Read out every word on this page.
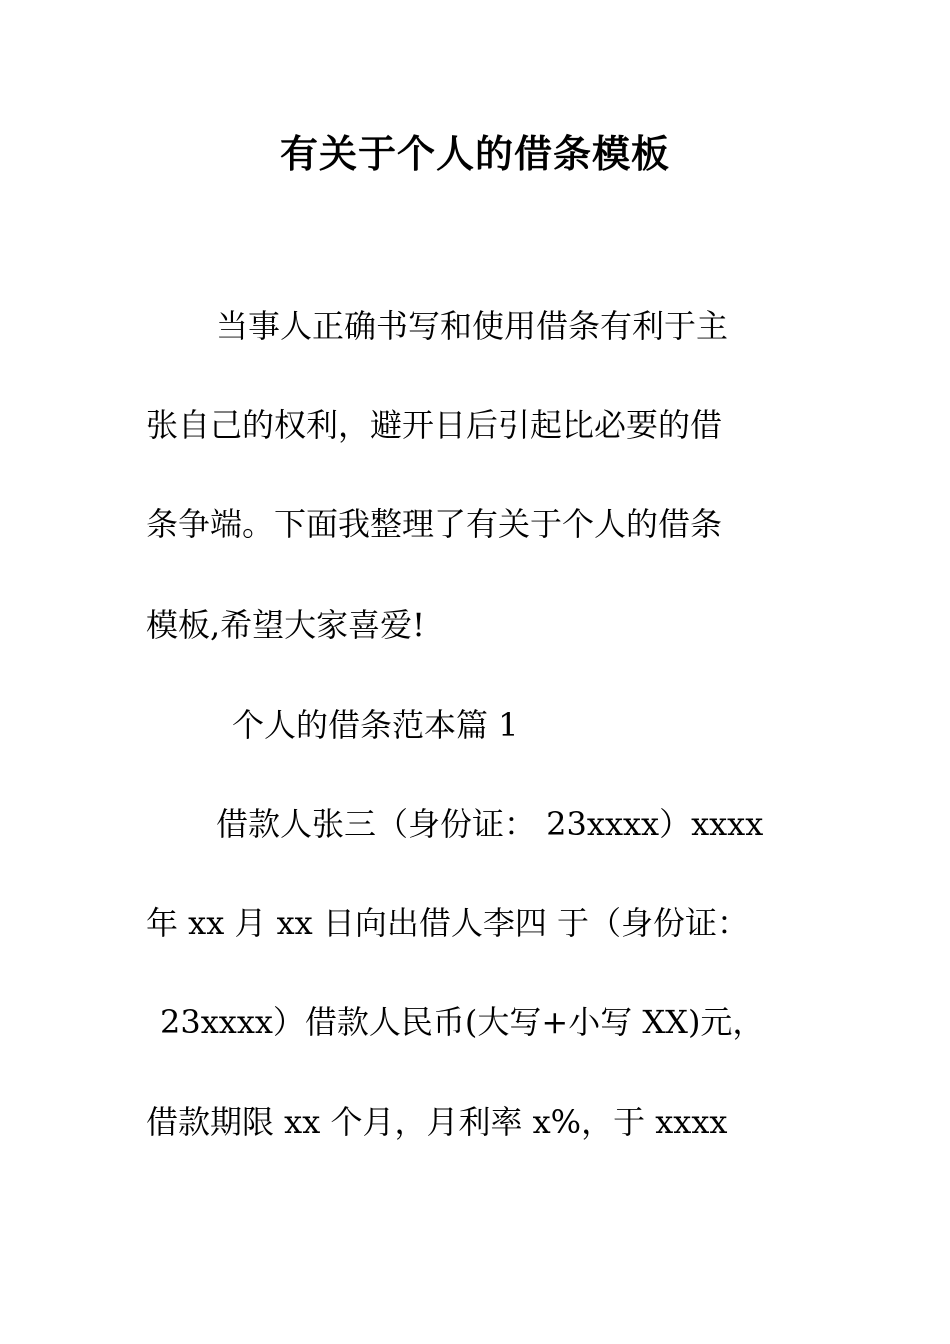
有关于个人的借条模板
当事人正确书写和使用借条有利于主
张自己的权利，避开日后引起比必要的借
条争端。下面我整理了有关于个人的借条
模板,希望大家喜爱!
个人的借条范本篇 1
借款人张三（身份证： 23xxxx）xxxx
年 xx 月 xx 日向出借人李四 于（身份证：
23xxxx）借款人民币(大写+小写 XX)元，
借款期限 xx 个月，月利率 x%，于 xxxx
